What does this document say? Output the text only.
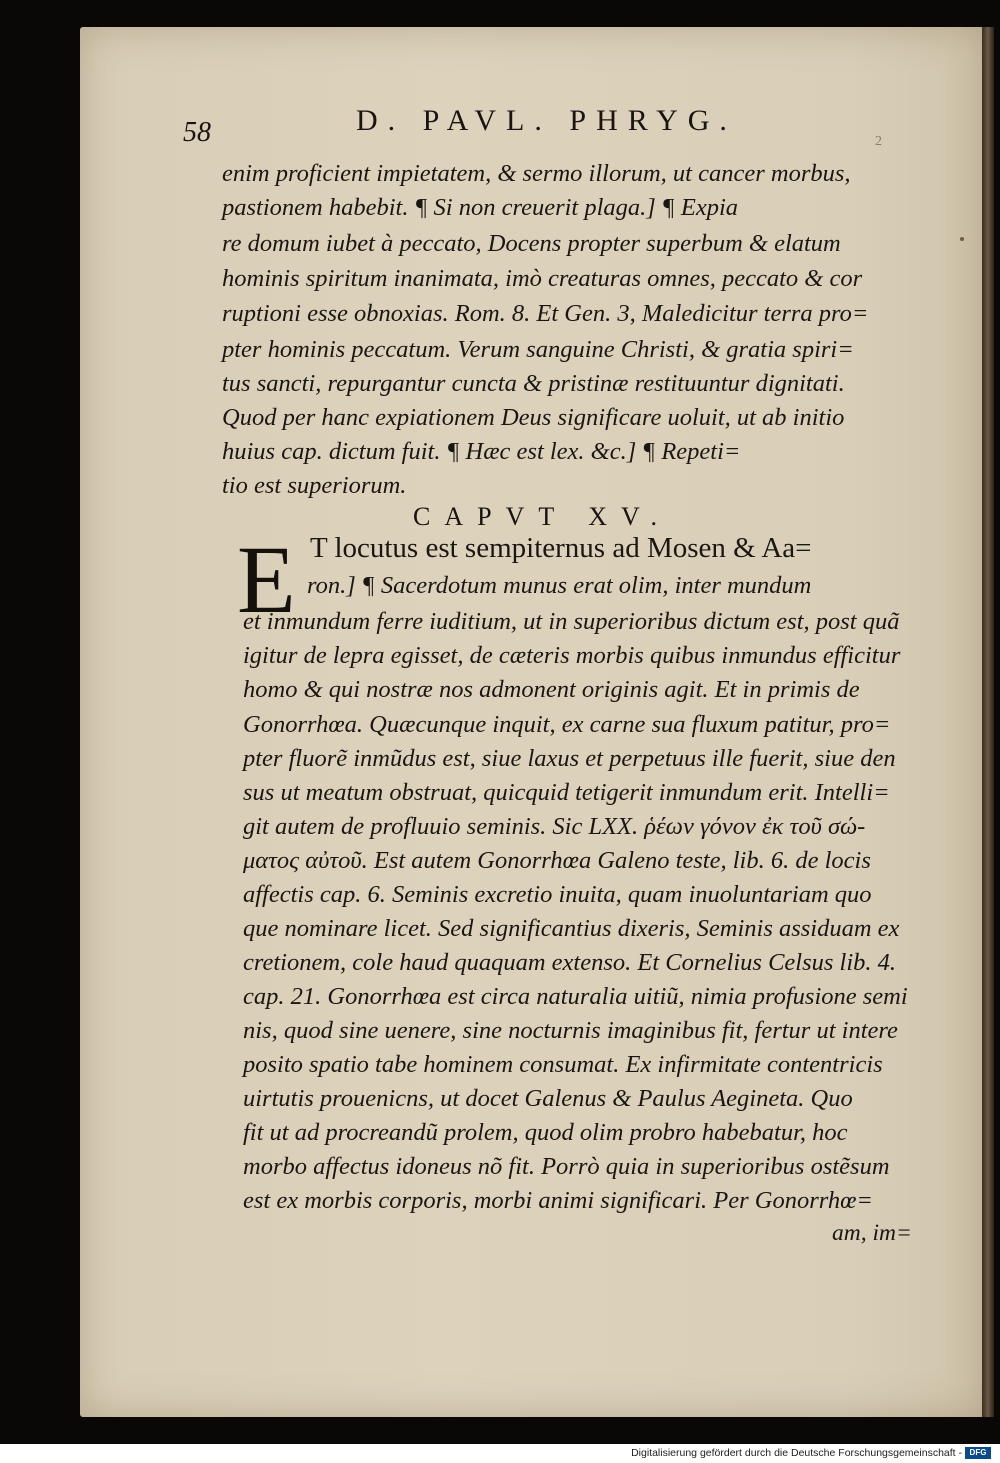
58	D. PAVL. PHRYG.
2
enim proficient impietatem, & sermo illorum, ut cancer morbus,
pastionem habebit. ¶ Si non creuerit plaga.] ¶ Expia
re domum iubet à peccato, Docens propter superbum & elatum
hominis spiritum inanimata, imò creaturas omnes, peccato & cor
ruptioni esse obnoxias. Rom. 8. Et Gen. 3, Maledicitur terra pro=
pter hominis peccatum. Verum sanguine Christi, & gratia spiri=
tus sancti, repurgantur cuncta & pristinæ restituuntur dignitati.
Quod per hanc expiationem Deus significare uoluit, ut ab initio
huius cap. dictum fuit. ¶ Hæc est lex. &c.] ¶ Repeti=
tio est superiorum.
CAPVT XV.
E T locutus est sempiternus ad Mosen & Aa=
ron.] ¶ Sacerdotum munus erat olim, inter mundum
et inmundum ferre iuditium, ut in superioribus dictum est, post quã
igitur de lepra egisset, de cæteris morbis quibus inmundus efficitur
homo & qui nostræ nos admonent originis agit. Et in primis de
Gonorrhœa. Quæcunque inquit, ex carne sua fluxum patitur, pro=
pter fluorẽ inmũdus est, siue laxus et perpetuus ille fuerit, siue den
sus ut meatum obstruat, quicquid tetigerit inmundum erit. Intelli=
git autem de profluuio seminis. Sic LXX. ῥέων γόνον ἐκ τοῦ σώ-
ματος αὐτοῦ. Est autem Gonorrhœa Galeno teste, lib. 6. de locis
affectis cap. 6. Seminis excretio inuita, quam inuoluntariam quo
que nominare licet. Sed significantius dixeris, Seminis assiduam ex
cretionem, cole haud quaquam extenso. Et Cornelius Celsus lib. 4.
cap. 21. Gonorrhœa est circa naturalia uitiũ, nimia profusione semi
nis, quod sine uenere, sine nocturnis imaginibus fit, fertur ut intere
posito spatio tabe hominem consumat. Ex infirmitate contentricis
uirtutis prouenicns, ut docet Galenus & Paulus Aegineta. Quo
fit ut ad procreandũ prolem, quod olim probro habebatur, hoc
morbo affectus idoneus nõ fit. Porrò quia in superioribus ostẽsum
est ex morbis corporis, morbi animi significari. Per Gonorrhœ=
am, im=
Digitalisierung gefördert durch die Deutsche Forschungsgemeinschaft - DFG
